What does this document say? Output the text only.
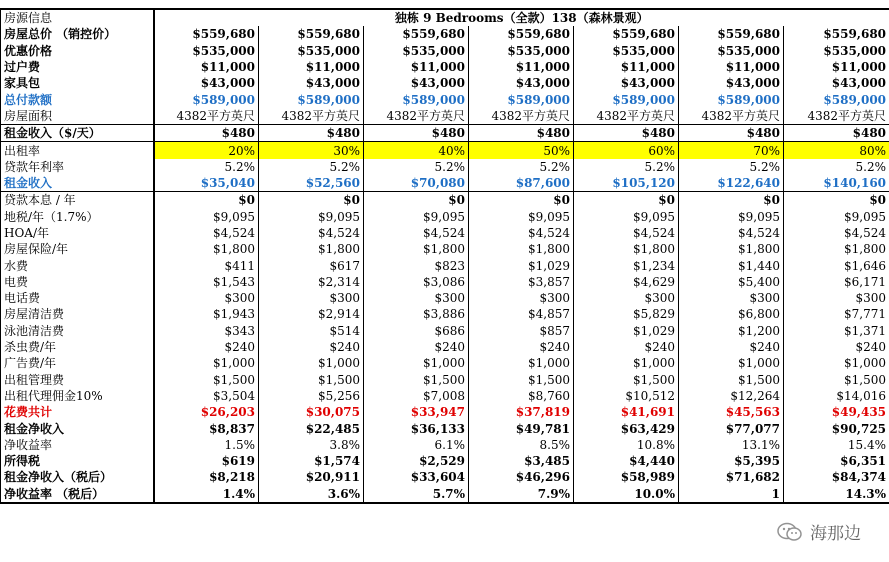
房源信息	独栋 9 Bedrooms（全款）138（森林景观）						
房屋总价 （销控价）	$559,680	$559,680	$559,680	$559,680	$559,680	$559,680	$559,680
优惠价格	$535,000	$535,000	$535,000	$535,000	$535,000	$535,000	$535,000
过户费	$11,000	$11,000	$11,000	$11,000	$11,000	$11,000	$11,000
家具包	$43,000	$43,000	$43,000	$43,000	$43,000	$43,000	$43,000
总付款额	$589,000	$589,000	$589,000	$589,000	$589,000	$589,000	$589,000
房屋面积	4382平方英尺	4382平方英尺	4382平方英尺	4382平方英尺	4382平方英尺	4382平方英尺	4382平方英尺
租金收入（$/天）	$480	$480	$480	$480	$480	$480	$480
出租率	20%	30%	40%	50%	60%	70%	80%
贷款年利率	5.2%	5.2%	5.2%	5.2%	5.2%	5.2%	5.2%
租金收入	$35,040	$52,560	$70,080	$87,600	$105,120	$122,640	$140,160
贷款本息 / 年	$0	$0	$0	$0	$0	$0	$0
地税/年（1.7%）	$9,095	$9,095	$9,095	$9,095	$9,095	$9,095	$9,095
HOA/年	$4,524	$4,524	$4,524	$4,524	$4,524	$4,524	$4,524
房屋保险/年	$1,800	$1,800	$1,800	$1,800	$1,800	$1,800	$1,800
水费	$411	$617	$823	$1,029	$1,234	$1,440	$1,646
电费	$1,543	$2,314	$3,086	$3,857	$4,629	$5,400	$6,171
电话费	$300	$300	$300	$300	$300	$300	$300
房屋清洁费	$1,943	$2,914	$3,886	$4,857	$5,829	$6,800	$7,771
泳池清洁费	$343	$514	$686	$857	$1,029	$1,200	$1,371
杀虫费/年	$240	$240	$240	$240	$240	$240	$240
广告费/年	$1,000	$1,000	$1,000	$1,000	$1,000	$1,000	$1,000
出租管理费	$1,500	$1,500	$1,500	$1,500	$1,500	$1,500	$1,500
出租代理佣金10%	$3,504	$5,256	$7,008	$8,760	$10,512	$12,264	$14,016
花费共计	$26,203	$30,075	$33,947	$37,819	$41,691	$45,563	$49,435
租金净收入	$8,837	$22,485	$36,133	$49,781	$63,429	$77,077	$90,725
净收益率	1.5%	3.8%	6.1%	8.5%	10.8%	13.1%	15.4%
所得税	$619	$1,574	$2,529	$3,485	$4,440	$5,395	$6,351
租金净收入（税后）	$8,218	$20,911	$33,604	$46,296	$58,989	$71,682	$84,374
净收益率 （税后）	1.4%	3.6%	5.7%	7.9%	10.0%	1	14.3%
海那边
